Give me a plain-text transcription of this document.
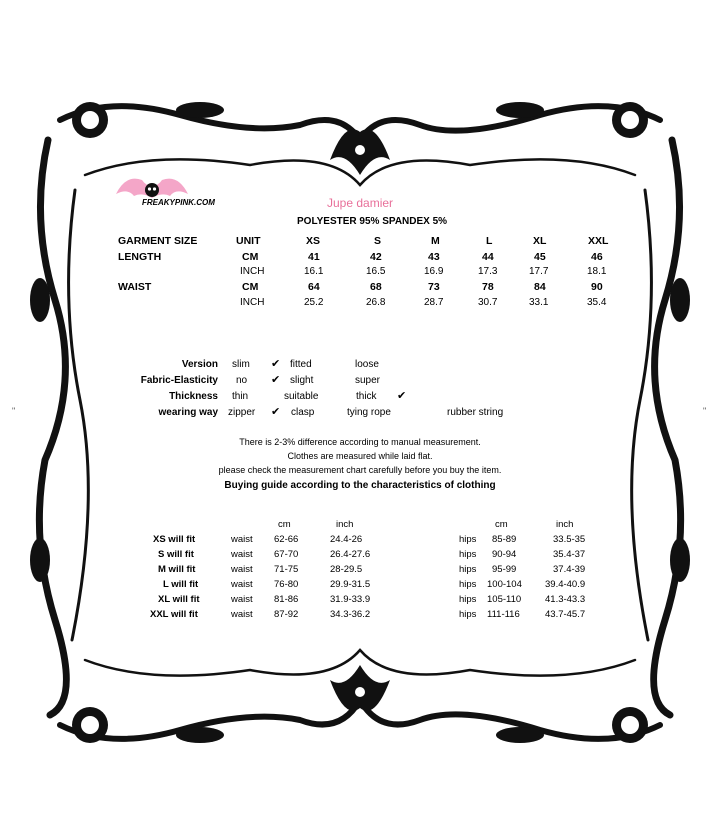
FREAKYPINK.COM	Jupe damier
POLYESTER 95% SPANDEX 5%
GARMENT SIZE	UNIT	XS	S	M	L	XL	XXL
LENGTH	CM	41	42	43	44	45	46
INCH	16.1	16.5	16.9	17.3	17.7	18.1
WAIST	CM	64	68	73	78	84	90
INCH	25.2	26.8	28.7	30.7	33.1	35.4
Version slim ✔ fitted	loose
Fabric-Elasticity no ✔ slight	super
Thickness thin	suitable	thick ✔
wearing way zipper ✔ clasp	tying rope	rubber string
"	"
There is 2-3% difference according to manual measurement.
Clothes are measured while laid flat.
please check the measurement chart carefully before you buy the item.
Buying guide according to the characteristics of clothing
cm	inch	cm	inch
XS will fit	waist 62-66	24.4-26	hips 85-89	33.5-35
S will fit	waist 67-70	26.4-27.6	hips 90-94	35.4-37
M will fit	waist 71-75	28-29.5	hips 95-99	37.4-39
L will fit	waist 76-80	29.9-31.5	hips 100-104 39.4-40.9
XL will fit	waist 81-86	31.9-33.9	hips 105-110	41.3-43.3
XXL will fit	waist 87-92	34.3-36.2	hips 111-116	43.7-45.7
